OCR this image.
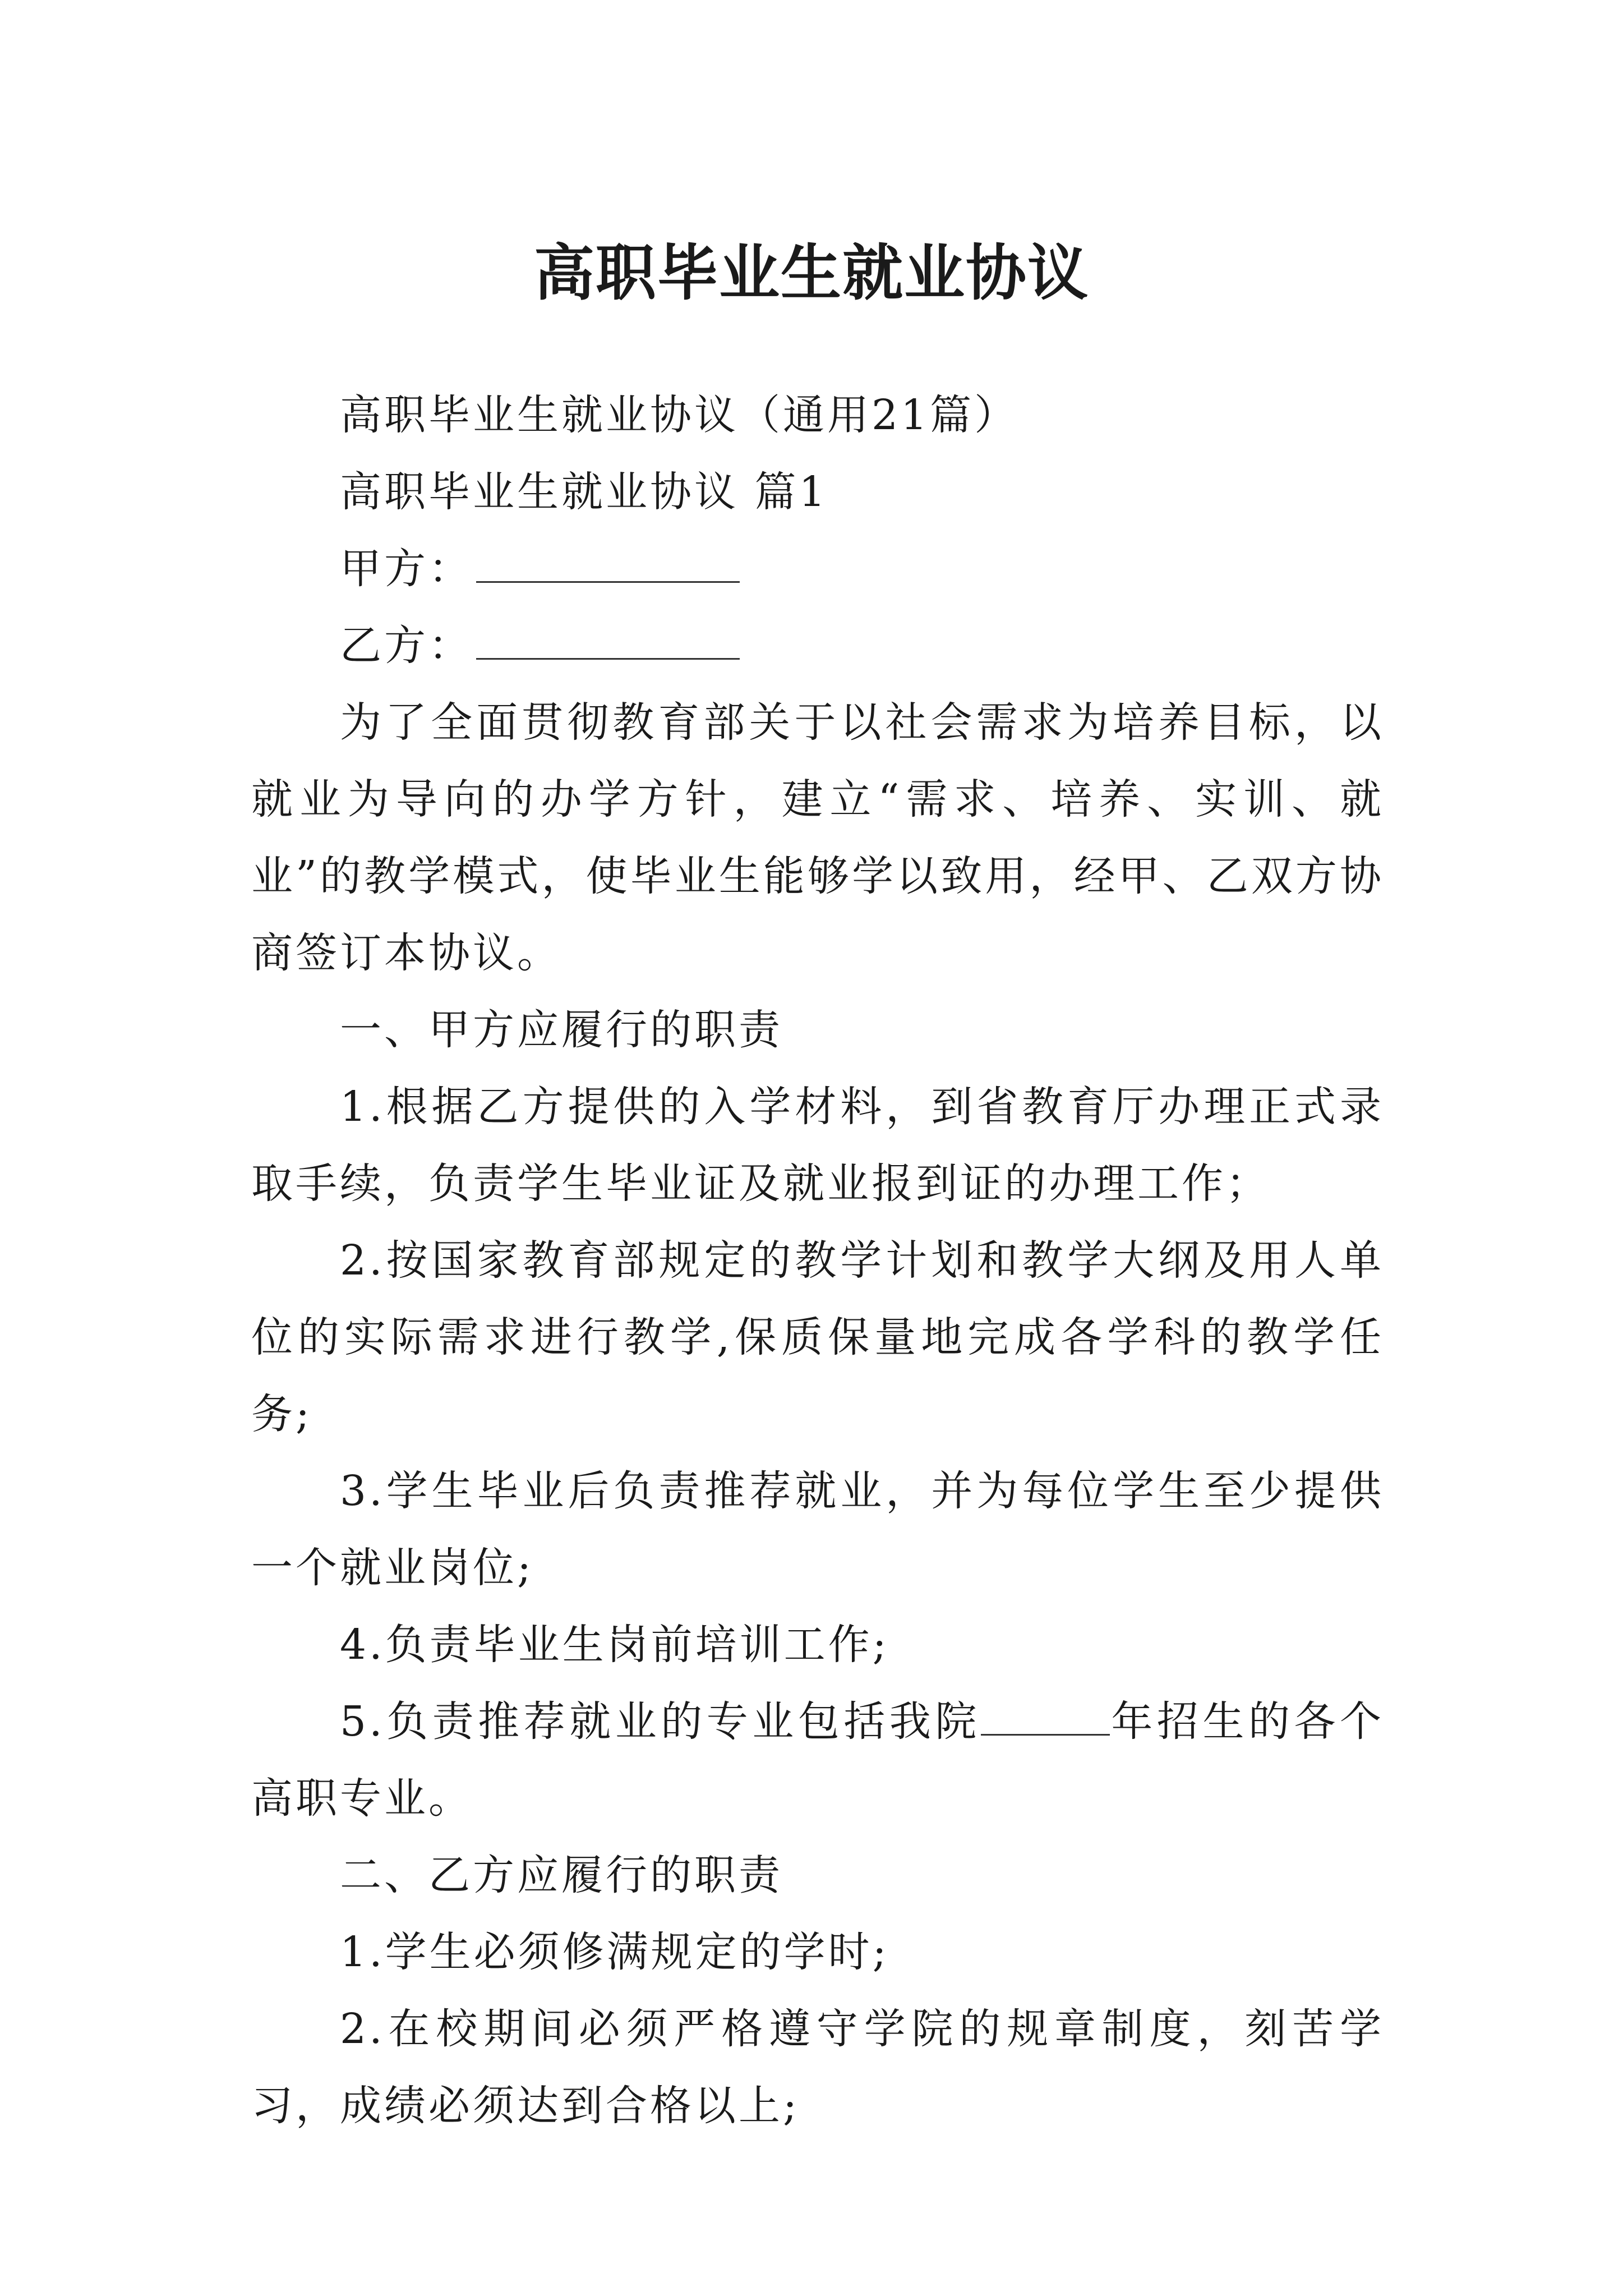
高职毕业生就业协议

高职毕业生就业协议（通用21篇）

高职毕业生就业协议 篇1

甲方：

乙方：

为了全面贯彻教育部关于以社会需求为培养目标，以就业为导向的办学方针，建立“需求、培养、实训、就业”的教学模式，使毕业生能够学以致用，经甲、乙双方协商签订本协议。

一、甲方应履行的职责

1.根据乙方提供的入学材料，到省教育厅办理正式录取手续，负责学生毕业证及就业报到证的办理工作；

2.按国家教育部规定的教学计划和教学大纲及用人单位的实际需求进行教学,保质保量地完成各学科的教学任务;

3.学生毕业后负责推荐就业，并为每位学生至少提供一个就业岗位;

4.负责毕业生岗前培训工作;

5.负责推荐就业的专业包括我院	年招生的各个高职专业。

二、乙方应履行的职责

1.学生必须修满规定的学时;

2.在校期间必须严格遵守学院的规章制度，刻苦学习，成绩必须达到合格以上;
